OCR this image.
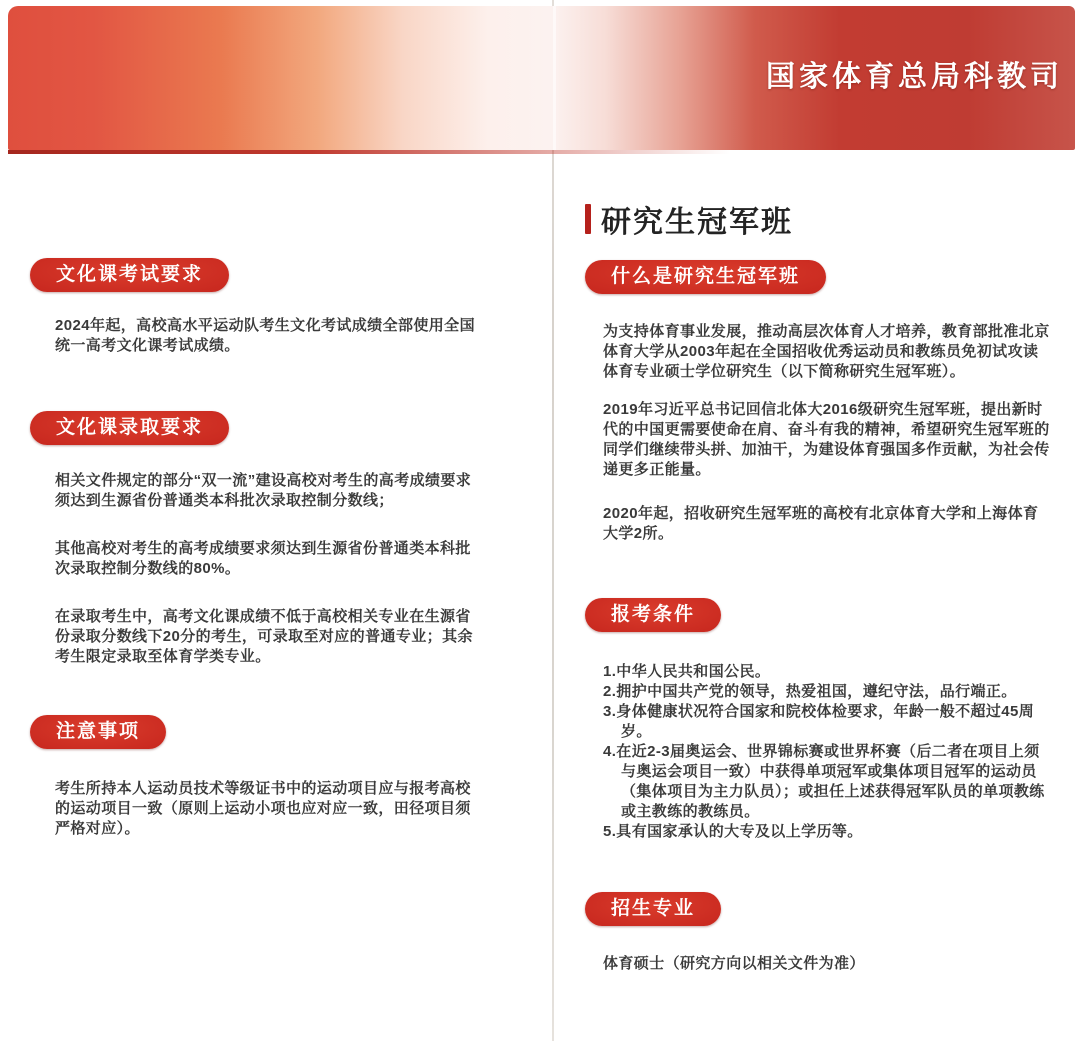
国家体育总局科教司
文化课考试要求

2024年起，高校高水平运动队考生文化考试成绩全部使用全国统一高考文化课考试成绩。

文化课录取要求

相关文件规定的部分“双一流”建设高校对考生的高考成绩要求须达到生源省份普通类本科批次录取控制分数线；

其他高校对考生的高考成绩要求须达到生源省份普通类本科批次录取控制分数线的80%。

在录取考生中，高考文化课成绩不低于高校相关专业在生源省份录取分数线下20分的考生，可录取至对应的普通专业；其余考生限定录取至体育学类专业。

注意事项

考生所持本人运动员技术等级证书中的运动项目应与报考高校的运动项目一致（原则上运动小项也应对应一致，田径项目须严格对应）。

研究生冠军班
什么是研究生冠军班

为支持体育事业发展，推动高层次体育人才培养，教育部批准北京体育大学从2003年起在全国招收优秀运动员和教练员免初试攻读体育专业硕士学位研究生（以下简称研究生冠军班）。

2019年习近平总书记回信北体大2016级研究生冠军班，提出新时代的中国更需要使命在肩、奋斗有我的精神，希望研究生冠军班的同学们继续带头拼、加油干，为建设体育强国多作贡献，为社会传递更多正能量。

2020年起，招收研究生冠军班的高校有北京体育大学和上海体育大学2所。

报考条件
1.中华人民共和国公民。
2.拥护中国共产党的领导，热爱祖国，遵纪守法，品行端正。
3.身体健康状况符合国家和院校体检要求，年龄一般不超过45周岁。
4.在近2-3届奥运会、世界锦标赛或世界杯赛（后二者在项目上须与奥运会项目一致）中获得单项冠军或集体项目冠军的运动员（集体项目为主力队员）；或担任上述获得冠军队员的单项教练或主教练的教练员。
5.具有国家承认的大专及以上学历等。
招生专业

体育硕士（研究方向以相关文件为准）
